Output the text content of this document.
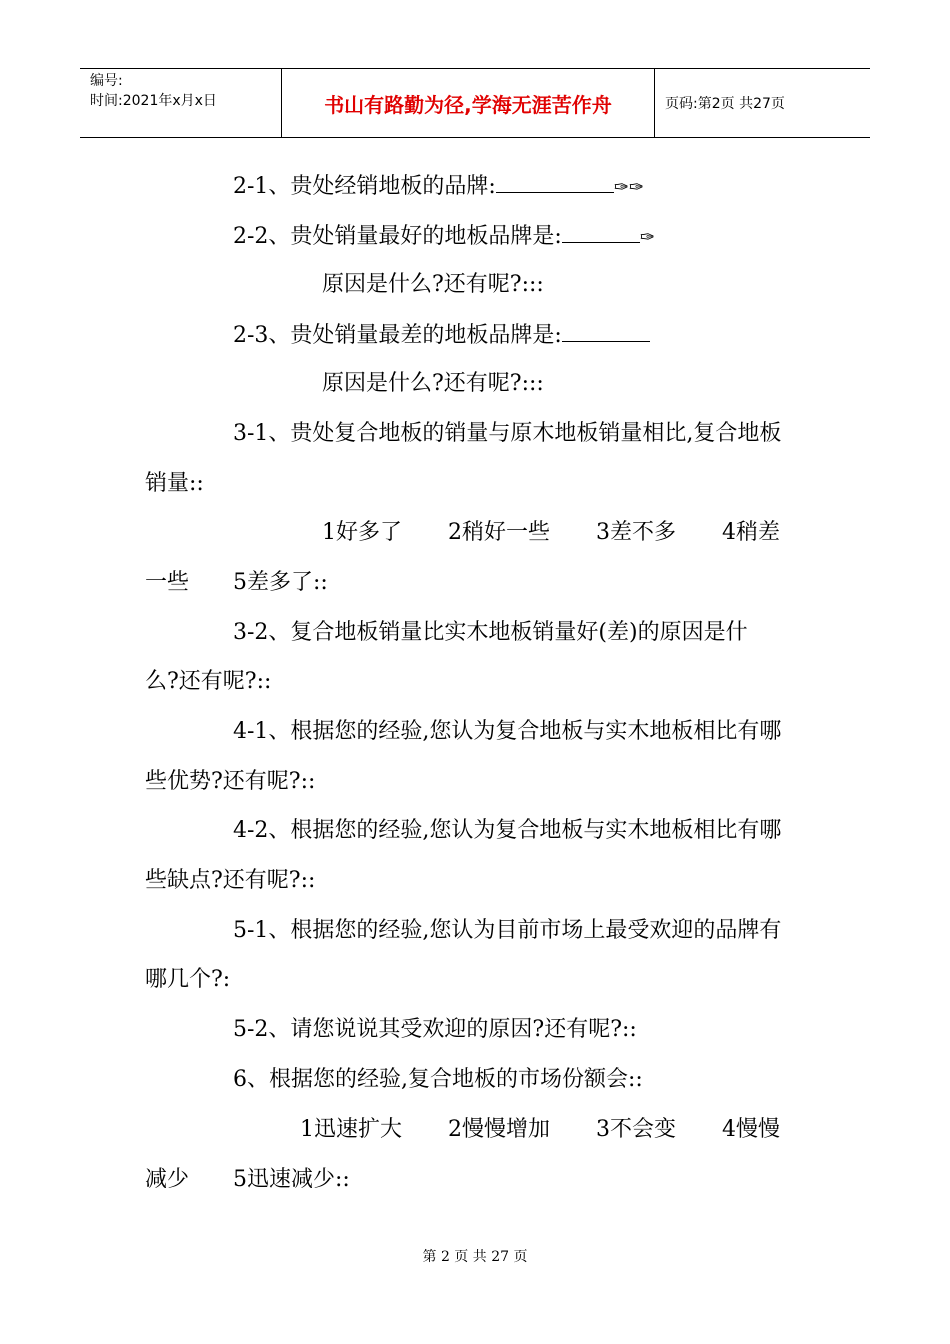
编号:
时间:2021年x月x日	书山有路勤为径,学海无涯苦作舟	页码:第2页 共27页
2-1、贵处经销地板的品牌:	✑✑
2-2、贵处销量最好的地板品牌是:	✑
原因是什么?还有呢?:::
2-3、贵处销量最差的地板品牌是:
原因是什么?还有呢?:::
3-1、贵处复合地板的销量与原木地板销量相比,复合地板
销量::
1好多了 2稍好一些 3差不多 4稍差
一些 5差多了::
3-2、复合地板销量比实木地板销量好(差)的原因是什
么?还有呢?::
4-1、根据您的经验,您认为复合地板与实木地板相比有哪
些优势?还有呢?::
4-2、根据您的经验,您认为复合地板与实木地板相比有哪
些缺点?还有呢?::
5-1、根据您的经验,您认为目前市场上最受欢迎的品牌有
哪几个?:
5-2、请您说说其受欢迎的原因?还有呢?::
6、根据您的经验,复合地板的市场份额会::
1迅速扩大 2慢慢增加 3不会变 4慢慢
减少 5迅速减少::
第 2 页 共 27 页
